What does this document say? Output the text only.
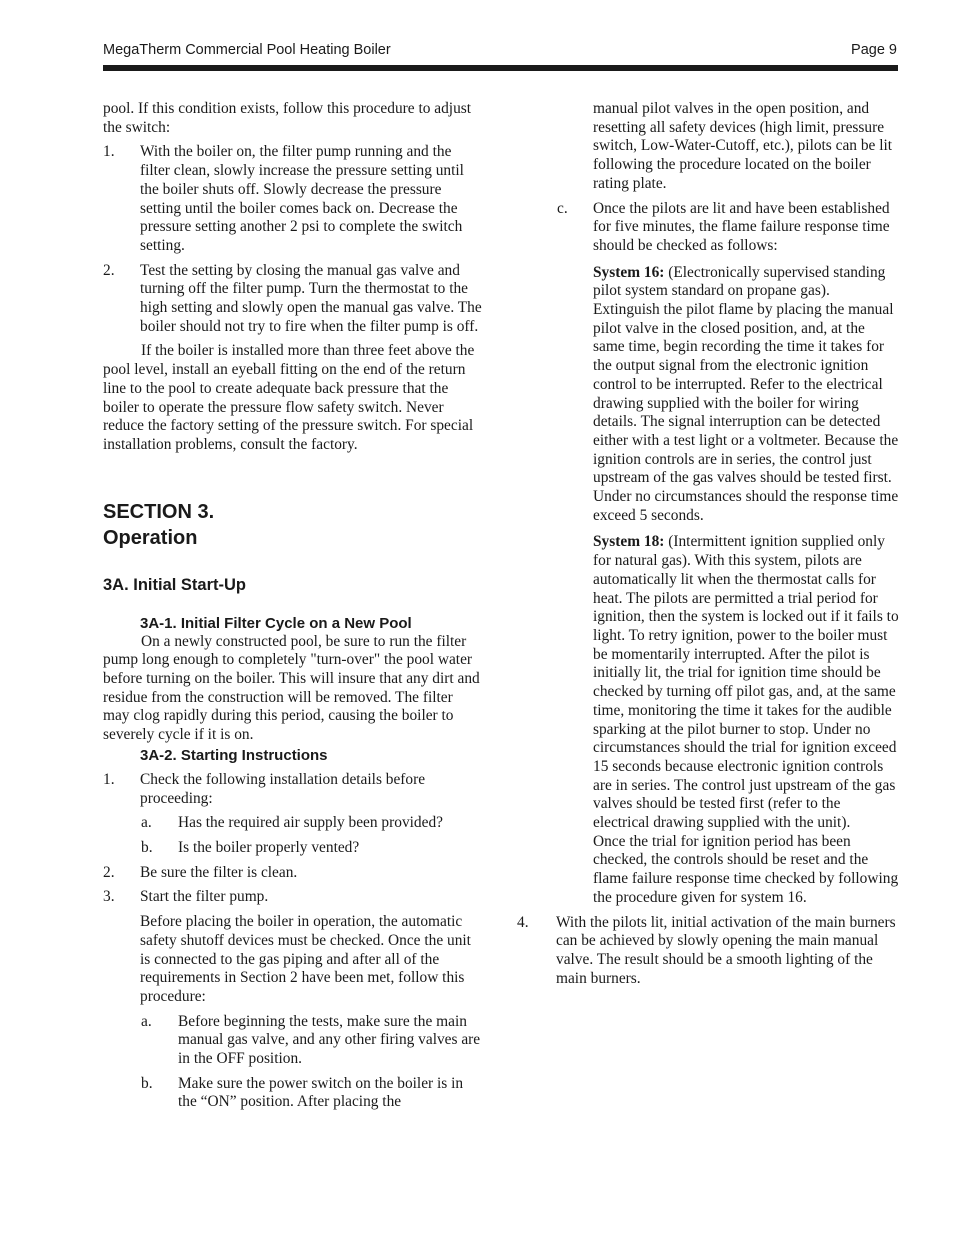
MegaTherm Commercial Pool Heating Boiler	Page 9

pool. If this condition exists, follow this procedure to adjust the switch:

1. With the boiler on, the filter pump running and the filter clean, slowly increase the pressure setting until the boiler shuts off. Slowly decrease the pressure setting until the boiler comes back on. Decrease the pressure setting another 2 psi to complete the switch setting.
2. Test the setting by closing the manual gas valve and turning off the filter pump. Turn the thermostat to the high setting and slowly open the manual gas valve. The boiler should not try to fire when the filter pump is off.

If the boiler is installed more than three feet above the pool level, install an eyeball fitting on the end of the return line to the pool to create adequate back pressure that the boiler to operate the pressure flow safety switch. Never reduce the factory setting of the pressure switch. For special installation problems, consult the factory.

SECTION 3.
Operation
3A. Initial Start-Up
3A-1. Initial Filter Cycle on a New Pool

On a newly constructed pool, be sure to run the filter pump long enough to completely "turn-over" the pool water before turning on the boiler. This will insure that any dirt and residue from the construction will be removed. The filter may clog rapidly during this period, causing the boiler to severely cycle if it is on.

3A-2. Starting Instructions
1. Check the following installation details before proceeding:
a. Has the required air supply been provided?
b. Is the boiler properly vented?
2. Be sure the filter is clean.
3. Start the filter pump.

Before placing the boiler in operation, the automatic safety shutoff devices must be checked. Once the unit is connected to the gas piping and after all of the requirements in Section 2 have been met, follow this procedure:

a. Before beginning the tests, make sure the main manual gas valve, and any other firing valves are in the OFF position.
b. Make sure the power switch on the boiler is in the “ON” position. After placing the

manual pilot valves in the open position, and resetting all safety devices (high limit, pressure switch, Low-Water-Cutoff, etc.), pilots can be lit following the procedure located on the boiler rating plate.

c. Once the pilots are lit and have been established for five minutes, the flame failure response time should be checked as follows:

System 16: (Electronically supervised standing pilot system standard on propane gas). Extinguish the pilot flame by placing the manual pilot valve in the closed position, and, at the same time, begin recording the time it takes for the output signal from the electronic ignition control to be interrupted. Refer to the electrical drawing supplied with the boiler for wiring details. The signal interruption can be detected either with a test light or a voltmeter. Because the ignition controls are in series, the control just upstream of the gas valves should be tested first. Under no circumstances should the response time exceed 5 seconds.

System 18: (Intermittent ignition supplied only for natural gas). With this system, pilots are automatically lit when the thermostat calls for heat. The pilots are permitted a trial period for ignition, then the system is locked out if it fails to light. To retry ignition, power to the boiler must be momentarily interrupted. After the pilot is initially lit, the trial for ignition time should be checked by turning off pilot gas, and, at the same time, monitoring the time it takes for the audible sparking at the pilot burner to stop. Under no circumstances should the trial for ignition exceed 15 seconds because electronic ignition controls are in series. The control just upstream of the gas valves should be tested first (refer to the electrical drawing supplied with the unit).

Once the trial for ignition period has been checked, the controls should be reset and the flame failure response time checked by following the procedure given for system 16.

4. With the pilots lit, initial activation of the main burners can be achieved by slowly opening the main manual valve. The result should be a smooth lighting of the main burners.
